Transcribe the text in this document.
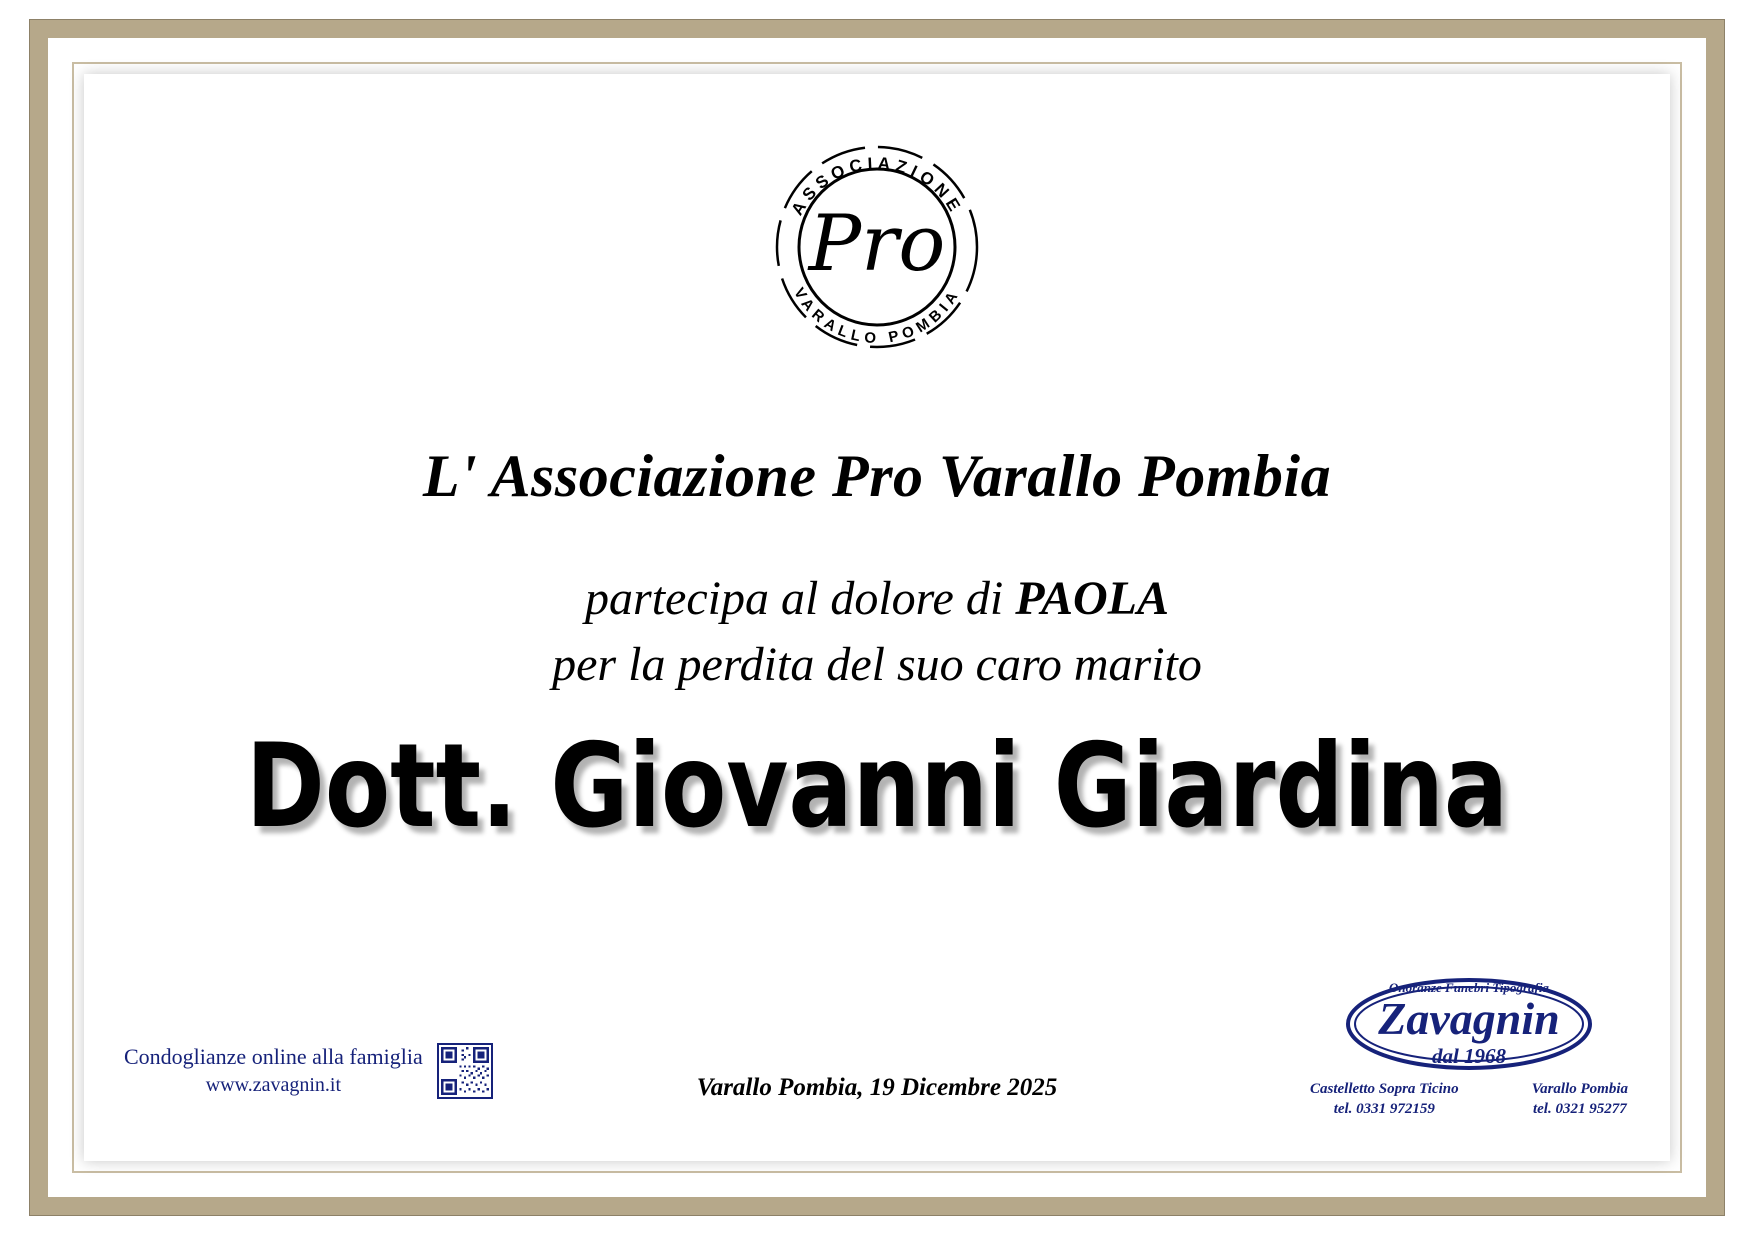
ASSOCIAZIONE
VARALLO POMBIA
Pro
L' Associazione Pro Varallo Pombia
partecipa al dolore di PAOLA
per la perdita del suo caro marito
Dott. Giovanni Giardina
Varallo Pombia, 19 Dicembre 2025
Condoglianze online alla famiglia
www.zavagnin.it
Onoranze Funebri Tipografia
Zavagnin
dal 1968
Castelletto Sopra Ticino
tel. 0331 972159
Varallo Pombia
tel. 0321 95277
